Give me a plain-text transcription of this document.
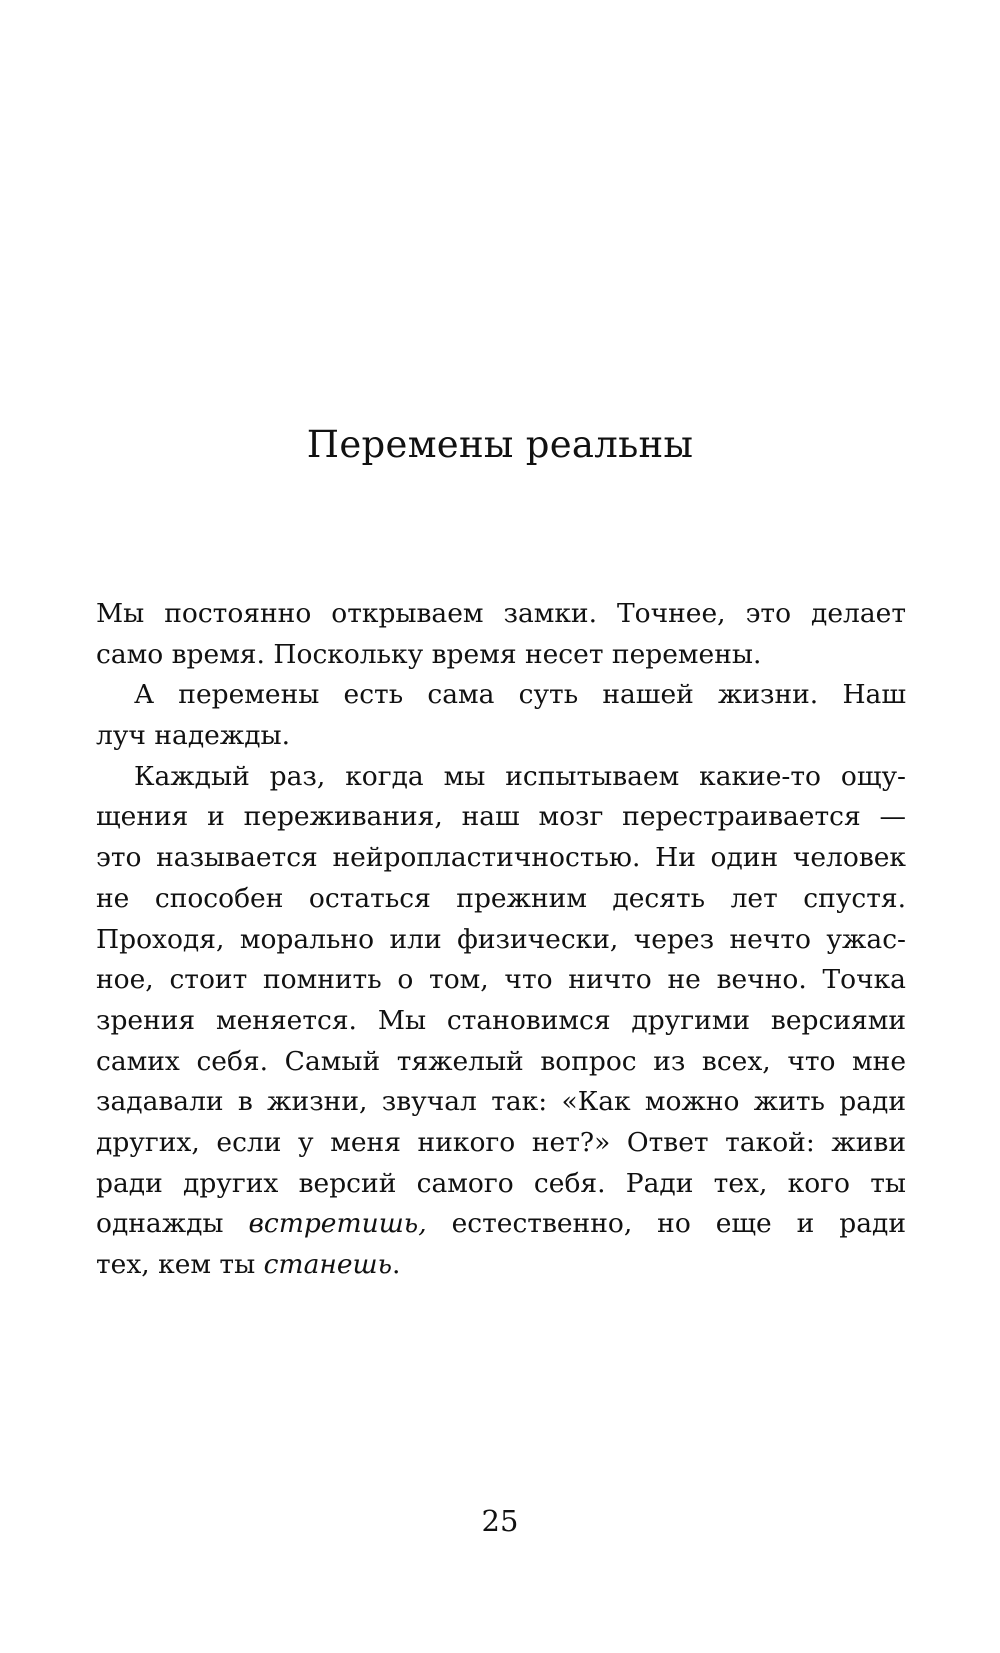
Перемены реальны
Мы постоянно открываем замки. Точнее, это делает
само время. Поскольку время несет перемены.
А перемены есть сама суть нашей жизни. Наш
луч надежды.
Каждый раз, когда мы испытываем какие-то ощу-
щения и переживания, наш мозг перестраивается —
это называется нейропластичностью. Ни один человек
не способен остаться прежним десять лет спустя.
Проходя, морально или физически, через нечто ужас-
ное, стоит помнить о том, что ничто не вечно. Точка
зрения меняется. Мы становимся другими версиями
самих себя. Самый тяжелый вопрос из всех, что мне
задавали в жизни, звучал так: «Как можно жить ради
других, если у меня никого нет?» Ответ такой: живи
ради других версий самого себя. Ради тех, кого ты
однажды встретишь, естественно, но еще и ради
тех, кем ты станешь.
25
